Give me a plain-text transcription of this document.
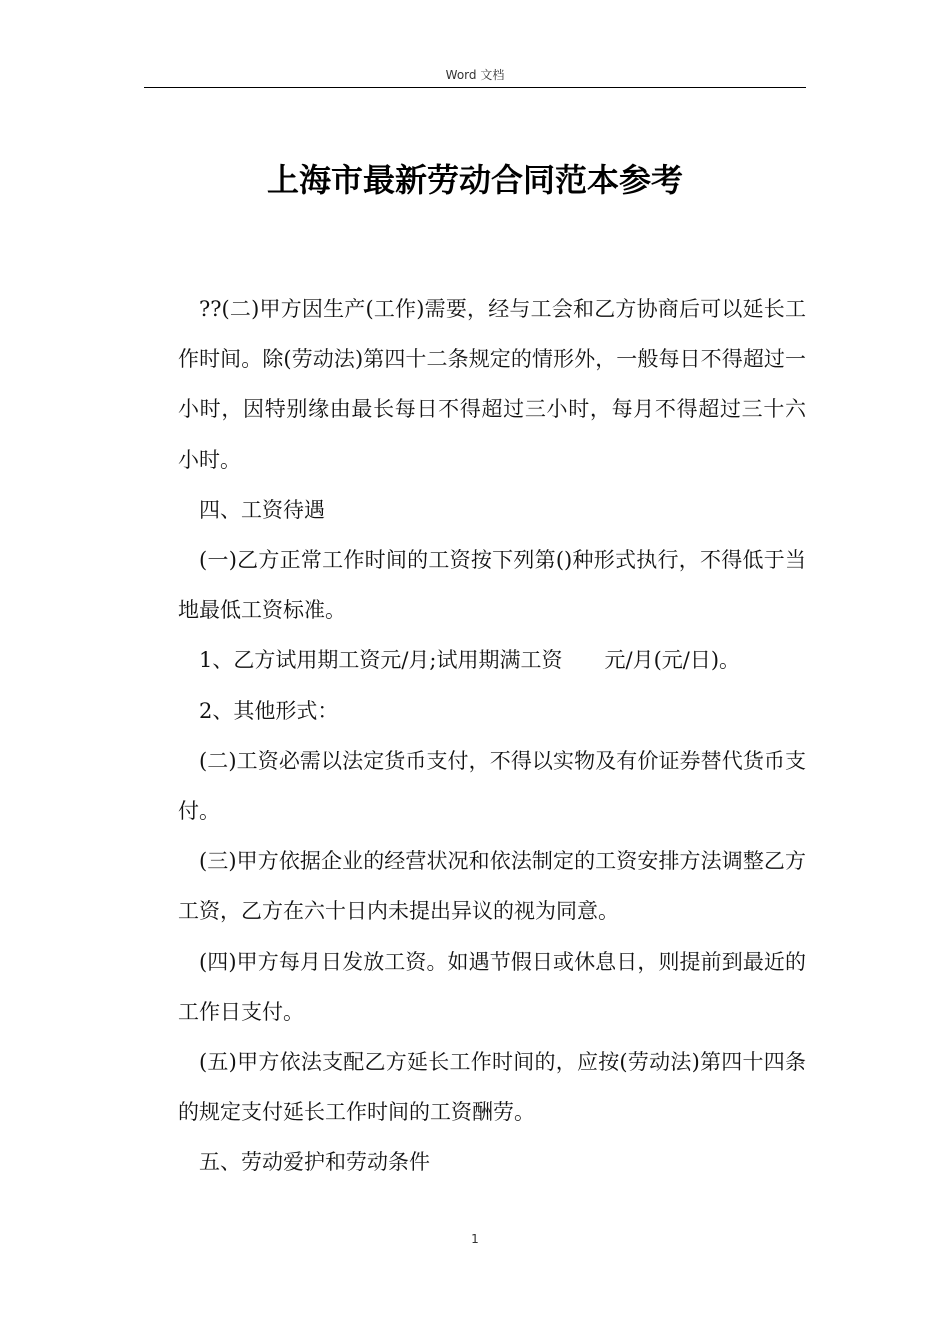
Word 文档
上海市最新劳动合同范本参考

??(二)甲方因生产(工作)需要，经与工会和乙方协商后可以延长工作时间。除(劳动法)第四十二条规定的情形外，一般每日不得超过一小时，因特别缘由最长每日不得超过三小时，每月不得超过三十六小时。

四、工资待遇

(一)乙方正常工作时间的工资按下列第()种形式执行，不得低于当地最低工资标准。

1、乙方试用期工资元/月;试用期满工资　　元/月(元/日)。

2、其他形式：

(二)工资必需以法定货币支付，不得以实物及有价证券替代货币支付。

(三)甲方依据企业的经营状况和依法制定的工资安排方法调整乙方工资，乙方在六十日内未提出异议的视为同意。

(四)甲方每月日发放工资。如遇节假日或休息日，则提前到最近的工作日支付。

(五)甲方依法支配乙方延长工作时间的，应按(劳动法)第四十四条的规定支付延长工作时间的工资酬劳。

五、劳动爱护和劳动条件

1
